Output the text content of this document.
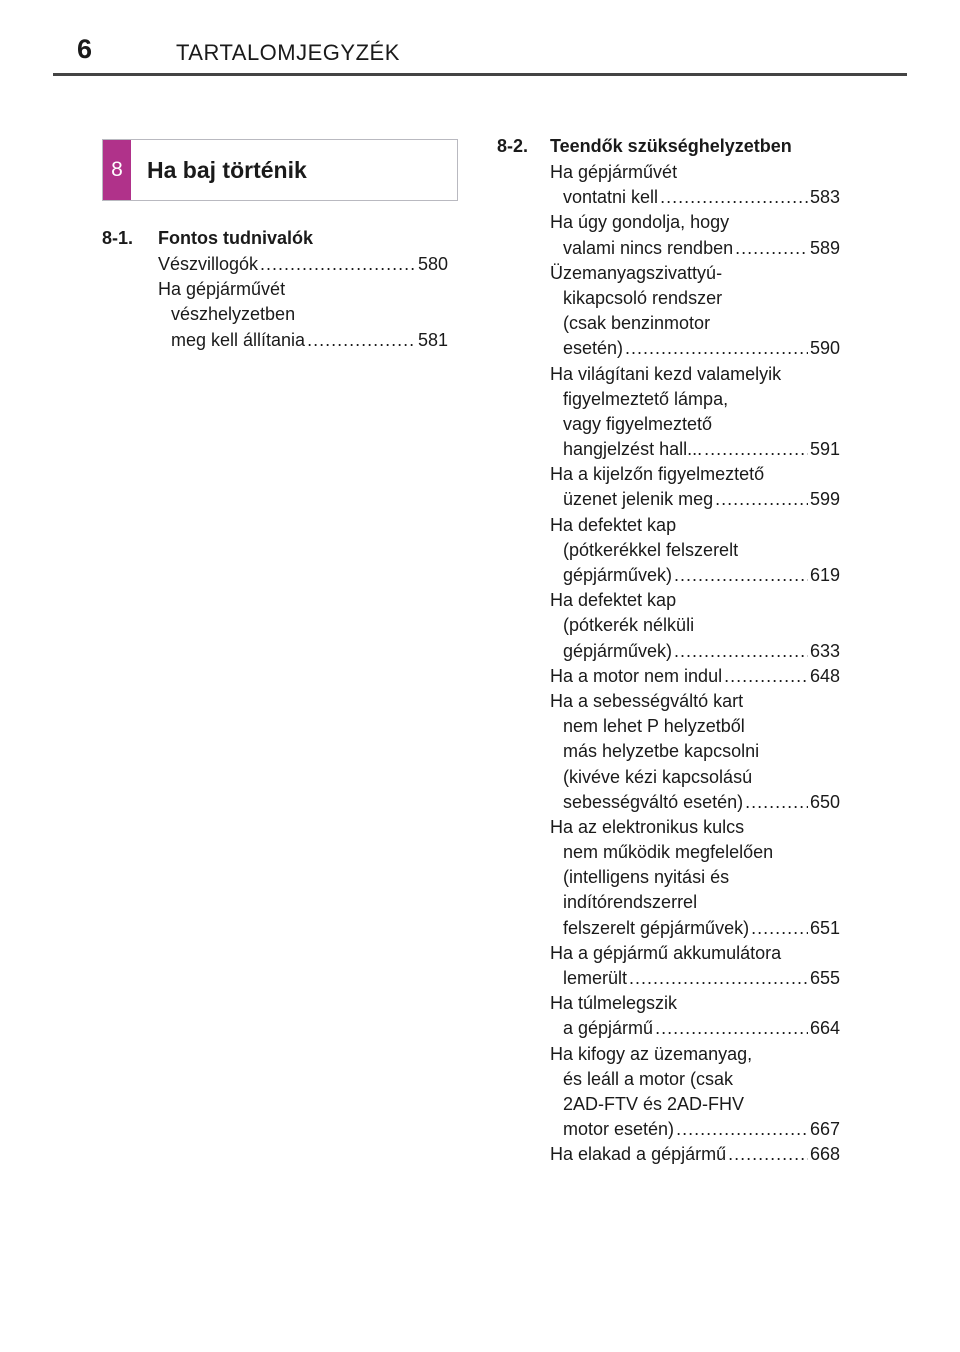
6	TARTALOMJEGYZÉK
8	Ha baj történik
8-1. Fontos tudnivalók
Vészvillogók .....	580
Ha gépjárművét
vészhelyzetben
meg kell állítania .....	581
8-2. Teendők szükséghelyzetben
Ha gépjárművét
vontatni kell .....	583
Ha úgy gondolja, hogy
valami nincs rendben .....	589
Üzemanyagszivattyú-
kikapcsoló rendszer
(csak benzinmotor
esetén) .....	590
Ha világítani kezd valamelyik
figyelmeztető lámpa,
vagy figyelmeztető
hangjelzést hall... .....	591
Ha a kijelzőn figyelmeztető
üzenet jelenik meg .....	599
Ha defektet kap
(pótkerékkel felszerelt
gépjárművek) .....	619
Ha defektet kap
(pótkerék nélküli
gépjárművek) .....	633
Ha a motor nem indul .....	648
Ha a sebességváltó kart
nem lehet P helyzetből
más helyzetbe kapcsolni
(kivéve kézi kapcsolású
sebességváltó esetén) .....	650
Ha az elektronikus kulcs
nem működik megfelelően
(intelligens nyitási és
indítórendszerrel
felszerelt gépjárművek) .....	651
Ha a gépjármű akkumulátora
lemerült .....	655
Ha túlmelegszik
a gépjármű .....	664
Ha kifogy az üzemanyag,
és leáll a motor (csak
2AD-FTV és 2AD-FHV
motor esetén) .....	667
Ha elakad a gépjármű .....	668
